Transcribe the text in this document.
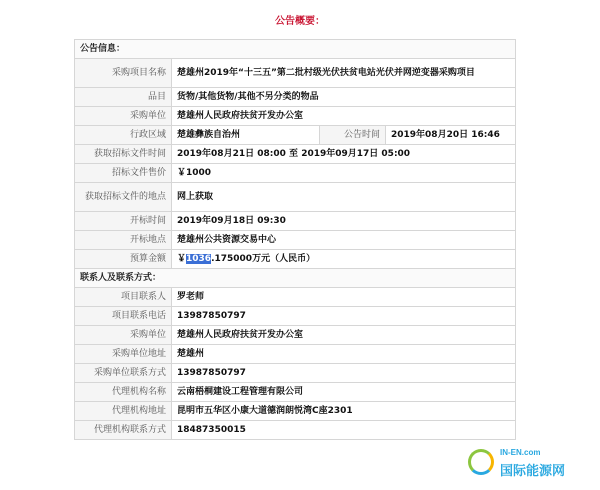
公告概要：
公告信息：			
采购项目名称	楚雄州2019年“十三五”第二批村级光伏扶贫电站光伏并网逆变器采购项目		
品目	货物/其他货物/其他不另分类的物品		
采购单位	楚雄州人民政府扶贫开发办公室		
行政区域	楚雄彝族自治州	公告时间	2019年08月20日 16:46
获取招标文件时间	2019年08月21日 08:00 至 2019年09月17日 05:00		
招标文件售价	￥1000		
获取招标文件的地点	网上获取		
开标时间	2019年09月18日 09:30		
开标地点	楚雄州公共资源交易中心		
预算金额	￥1036.175000万元（人民币）		
联系人及联系方式：			
项目联系人	罗老师		
项目联系电话	13987850797		
采购单位	楚雄州人民政府扶贫开发办公室		
采购单位地址	楚雄州		
采购单位联系方式	13987850797		
代理机构名称	云南梧桐建设工程管理有限公司		
代理机构地址	昆明市五华区小康大道德润朗悦湾C座2301		
代理机构联系方式	18487350015		
IN-EN.com
国际能源网
